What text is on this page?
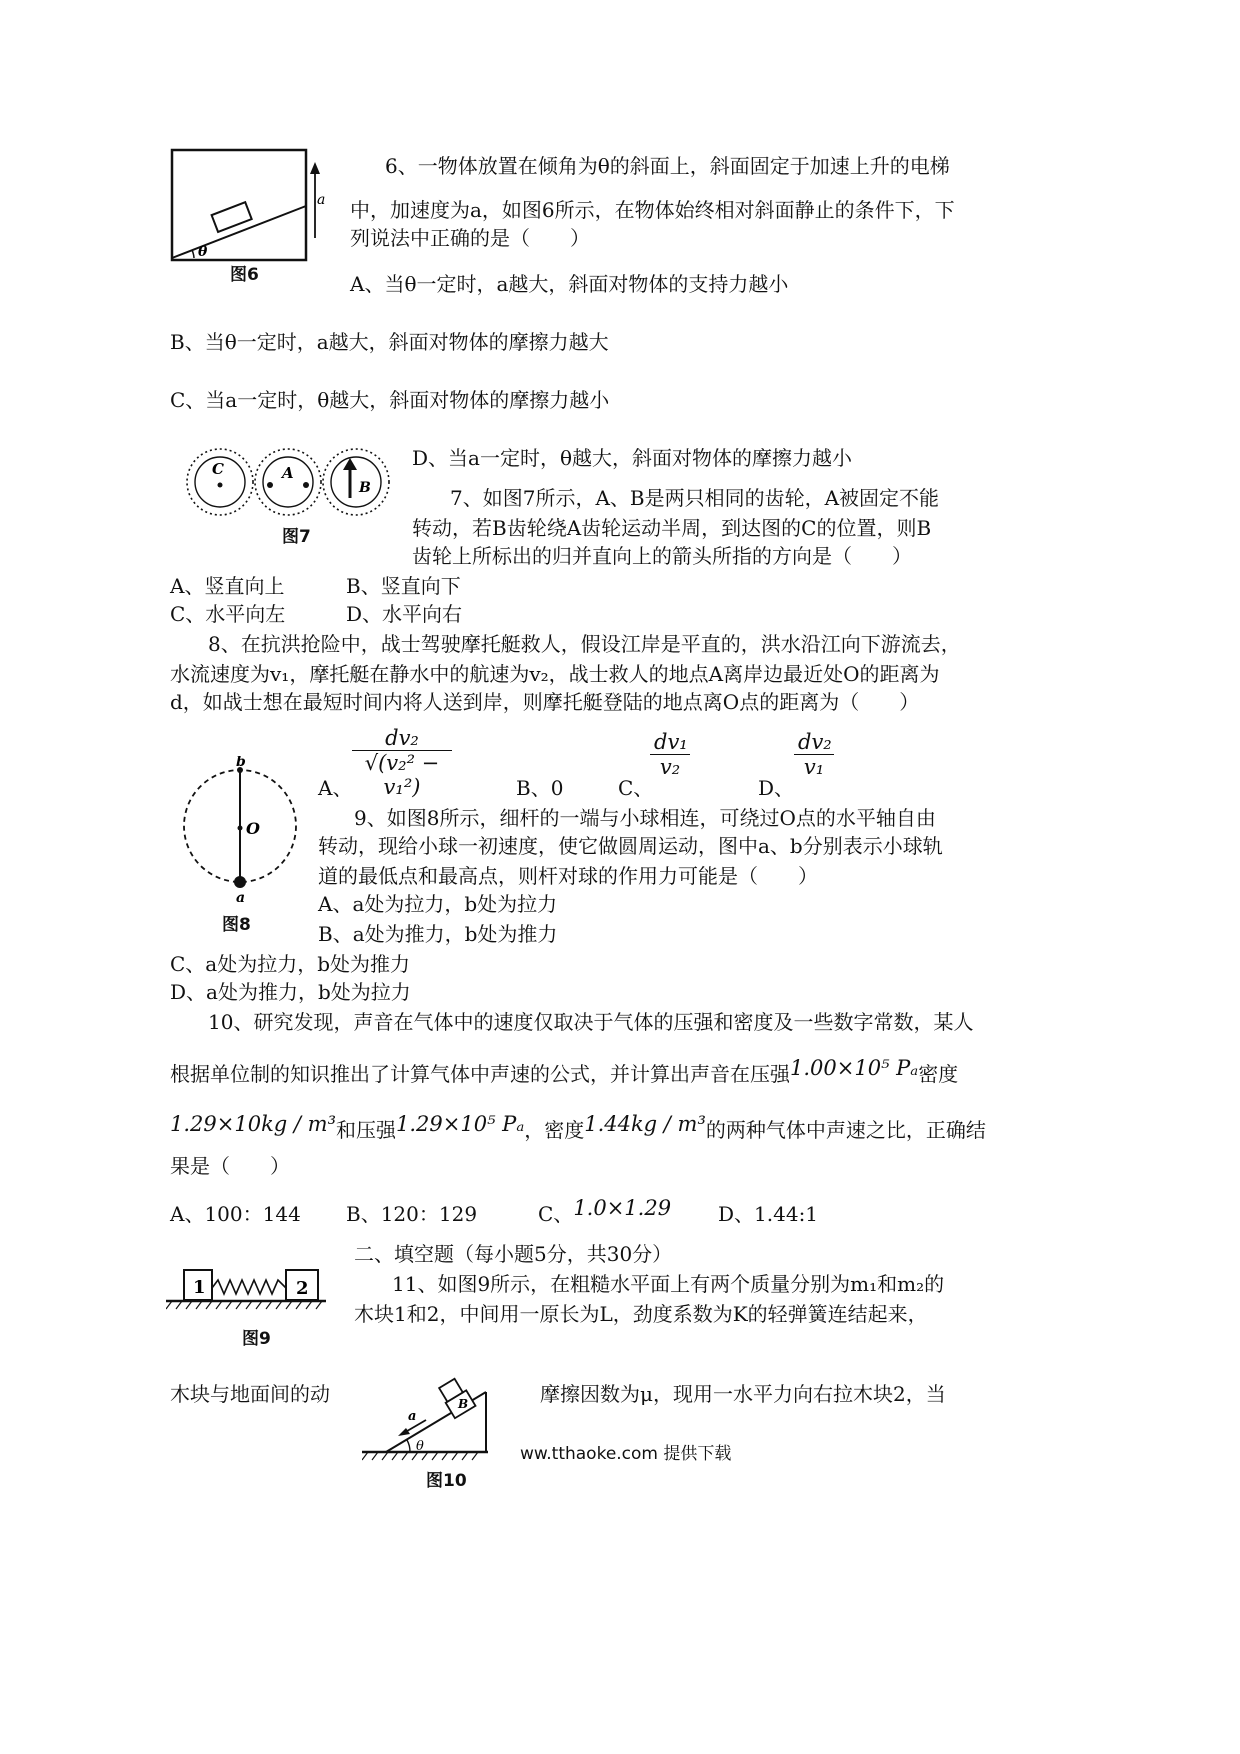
θ
a
图6
6、一物体放置在倾角为θ的斜面上，斜面固定于加速上升的电梯
中，加速度为a，如图6所示，在物体始终相对斜面静止的条件下，下
列说法中正确的是（　　）
A、当θ一定时，a越大，斜面对物体的支持力越小
B、当θ一定时，a越大，斜面对物体的摩擦力越大
C、当a一定时，θ越大，斜面对物体的摩擦力越小
C	A
B
图7
D、当a一定时，θ越大，斜面对物体的摩擦力越小
7、如图7所示，A、B是两只相同的齿轮，A被固定不能
转动，若B齿轮绕A齿轮运动半周，到达图的C的位置，则B
齿轮上所标出的归并直向上的箭头所指的方向是（　　）
A、竖直向上	B、竖直向下
C、水平向左	D、水平向右
8、在抗洪抢险中，战士驾驶摩托艇救人，假设江岸是平直的，洪水沿江向下游流去，
水流速度为v₁，摩托艇在静水中的航速为v₂，战士救人的地点A离岸边最近处O的距离为
d，如战士想在最短时间内将人送到岸，则摩托艇登陆的地点离O点的距离为（　　）
A、 $\frac{\text{dv₂}}{\text{√(v₂² − v₁²)}}$	B、0	C、
$\frac{\text{dv₁}}{\text{v₂}}$
D、
$\frac{\text{dv₂}}{\text{v₁}}$
b
O
a
图8
9、如图8所示，细杆的一端与小球相连，可绕过O点的水平轴自由
转动，现给小球一初速度，使它做圆周运动，图中a、b分别表示小球轨
道的最低点和最高点，则杆对球的作用力可能是（　　）
A、a处为拉力，b处为拉力
B、a处为推力，b处为推力
C、a处为拉力，b处为推力
D、a处为推力，b处为拉力
10、研究发现，声音在气体中的速度仅取决于气体的压强和密度及一些数字常数，某人
根据单位制的知识推出了计算气体中声速的公式，并计算出声音在压强1.00×10⁵ Pₐ密度
1.29×10kg / m³和压强1.29×10⁵ Pₐ，密度1.44kg / m³的两种气体中声速之比，正确结
果是（　　）
A、100：144 B、120：129	C、1.0×1.29 D、1.44:1
二、填空题（每小题5分，共30分）
1	2
图9
11、如图9所示，在粗糙水平面上有两个质量分别为m₁和m₂的
木块1和2，中间用一原长为L，劲度系数为K的轻弹簧连结起来，
木块与地面间的动	摩擦因数为μ，现用一水平力向右拉木块2，当
a
B
θ
图10
ww.tthaoke.com 提供下载
